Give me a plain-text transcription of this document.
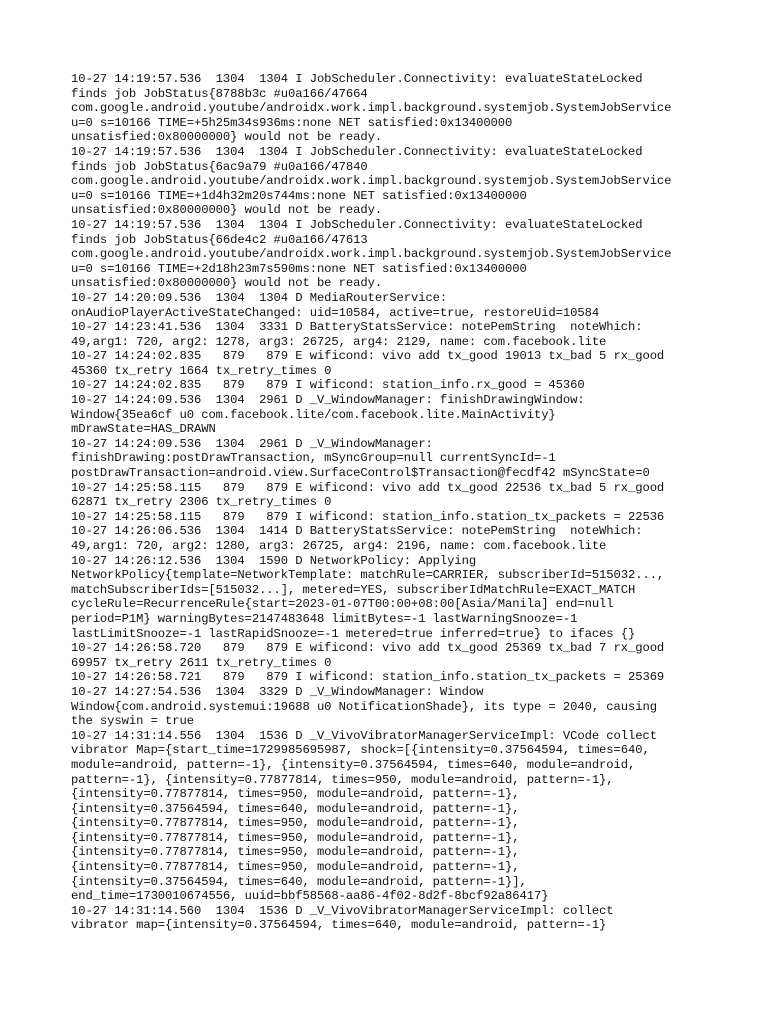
10-27 14:19:57.536  1304  1304 I JobScheduler.Connectivity: evaluateStateLocked
finds job JobStatus{8788b3c #u0a166/47664
com.google.android.youtube/androidx.work.impl.background.systemjob.SystemJobService
u=0 s=10166 TIME=+5h25m34s936ms:none NET satisfied:0x13400000
unsatisfied:0x80000000} would not be ready.
10-27 14:19:57.536  1304  1304 I JobScheduler.Connectivity: evaluateStateLocked
finds job JobStatus{6ac9a79 #u0a166/47840
com.google.android.youtube/androidx.work.impl.background.systemjob.SystemJobService
u=0 s=10166 TIME=+1d4h32m20s744ms:none NET satisfied:0x13400000
unsatisfied:0x80000000} would not be ready.
10-27 14:19:57.536  1304  1304 I JobScheduler.Connectivity: evaluateStateLocked
finds job JobStatus{66de4c2 #u0a166/47613
com.google.android.youtube/androidx.work.impl.background.systemjob.SystemJobService
u=0 s=10166 TIME=+2d18h23m7s590ms:none NET satisfied:0x13400000
unsatisfied:0x80000000} would not be ready.
10-27 14:20:09.536  1304  1304 D MediaRouterService:
onAudioPlayerActiveStateChanged: uid=10584, active=true, restoreUid=10584
10-27 14:23:41.536  1304  3331 D BatteryStatsService: notePemString  noteWhich:
49,arg1: 720, arg2: 1278, arg3: 26725, arg4: 2129, name: com.facebook.lite
10-27 14:24:02.835   879   879 E wificond: vivo add tx_good 19013 tx_bad 5 rx_good
45360 tx_retry 1664 tx_retry_times 0
10-27 14:24:02.835   879   879 I wificond: station_info.rx_good = 45360
10-27 14:24:09.536  1304  2961 D _V_WindowManager: finishDrawingWindow:
Window{35ea6cf u0 com.facebook.lite/com.facebook.lite.MainActivity}
mDrawState=HAS_DRAWN
10-27 14:24:09.536  1304  2961 D _V_WindowManager:
finishDrawing:postDrawTransaction, mSyncGroup=null currentSyncId=-1
postDrawTransaction=android.view.SurfaceControl$Transaction@fecdf42 mSyncState=0
10-27 14:25:58.115   879   879 E wificond: vivo add tx_good 22536 tx_bad 5 rx_good
62871 tx_retry 2306 tx_retry_times 0
10-27 14:25:58.115   879   879 I wificond: station_info.station_tx_packets = 22536
10-27 14:26:06.536  1304  1414 D BatteryStatsService: notePemString  noteWhich:
49,arg1: 720, arg2: 1280, arg3: 26725, arg4: 2196, name: com.facebook.lite
10-27 14:26:12.536  1304  1590 D NetworkPolicy: Applying
NetworkPolicy{template=NetworkTemplate: matchRule=CARRIER, subscriberId=515032...,
matchSubscriberIds=[515032...], metered=YES, subscriberIdMatchRule=EXACT_MATCH
cycleRule=RecurrenceRule{start=2023-01-07T00:00+08:00[Asia/Manila] end=null
period=P1M} warningBytes=2147483648 limitBytes=-1 lastWarningSnooze=-1
lastLimitSnooze=-1 lastRapidSnooze=-1 metered=true inferred=true} to ifaces {}
10-27 14:26:58.720   879   879 E wificond: vivo add tx_good 25369 tx_bad 7 rx_good
69957 tx_retry 2611 tx_retry_times 0
10-27 14:26:58.721   879   879 I wificond: station_info.station_tx_packets = 25369
10-27 14:27:54.536  1304  3329 D _V_WindowManager: Window
Window{com.android.systemui:19688 u0 NotificationShade}, its type = 2040, causing
the syswin = true
10-27 14:31:14.556  1304  1536 D _V_VivoVibratorManagerServiceImpl: VCode collect
vibrator Map={start_time=1729985695987, shock=[{intensity=0.37564594, times=640,
module=android, pattern=-1}, {intensity=0.37564594, times=640, module=android,
pattern=-1}, {intensity=0.77877814, times=950, module=android, pattern=-1},
{intensity=0.77877814, times=950, module=android, pattern=-1},
{intensity=0.37564594, times=640, module=android, pattern=-1},
{intensity=0.77877814, times=950, module=android, pattern=-1},
{intensity=0.77877814, times=950, module=android, pattern=-1},
{intensity=0.77877814, times=950, module=android, pattern=-1},
{intensity=0.77877814, times=950, module=android, pattern=-1},
{intensity=0.37564594, times=640, module=android, pattern=-1}],
end_time=1730010674556, uuid=bbf58568-aa86-4f02-8d2f-8bcf92a86417}
10-27 14:31:14.560  1304  1536 D _V_VivoVibratorManagerServiceImpl: collect
vibrator map={intensity=0.37564594, times=640, module=android, pattern=-1}
